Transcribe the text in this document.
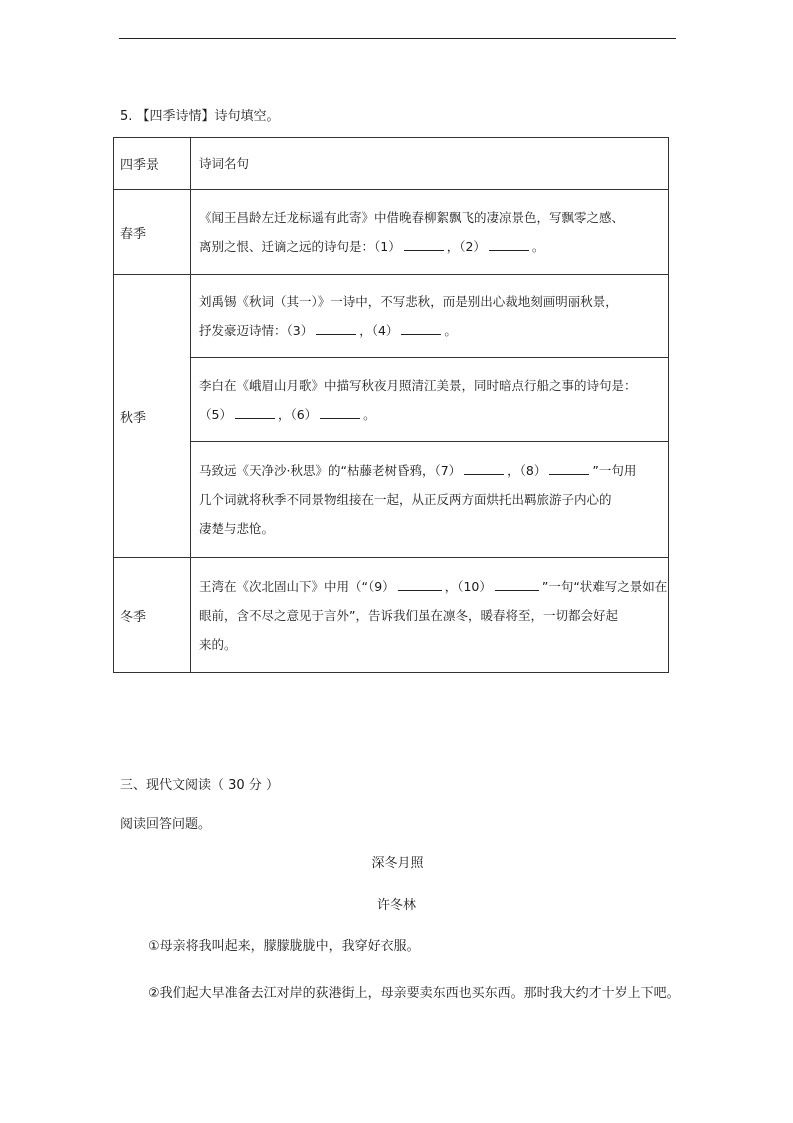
5. 【四季诗情】诗句填空。
四季景	诗词名句
春季	《闻王昌龄左迁龙标遥有此寄》中借晚春柳絮飘飞的凄凉景色，写飘零之感、
离别之恨、迁谪之远的诗句是：（1） ，（2） 。

秋季	刘禹锡《秋词（其一）》一诗中，不写悲秋，而是别出心裁地刻画明丽秋景，
抒发豪迈诗情：（3） ，（4） 。

	李白在《峨眉山月歌》中描写秋夜月照清江美景，同时暗点行船之事的诗句是：
（5） ，（6） 。

	马致远《天净沙·秋思》的“枯藤老树昏鸦，（7） ，（8） ”一句用
几个词就将秋季不同景物组接在一起，从正反两方面烘托出羁旅游子内心的
凄楚与悲怆。

冬季	王湾在《次北固山下》中用（“（9） ，（10） ”一句“状难写之景如在
眼前，含不尽之意见于言外”，告诉我们虽在凛冬，暖春将至，一切都会好起
来的。
三、现代文阅读（ 30 分 ）
阅读回答问题。
深冬月照
许冬林
①母亲将我叫起来，朦朦胧胧中，我穿好衣服。
②我们起大早准备去江对岸的荻港街上，母亲要卖东西也买东西。那时我大约才十岁上下吧。
